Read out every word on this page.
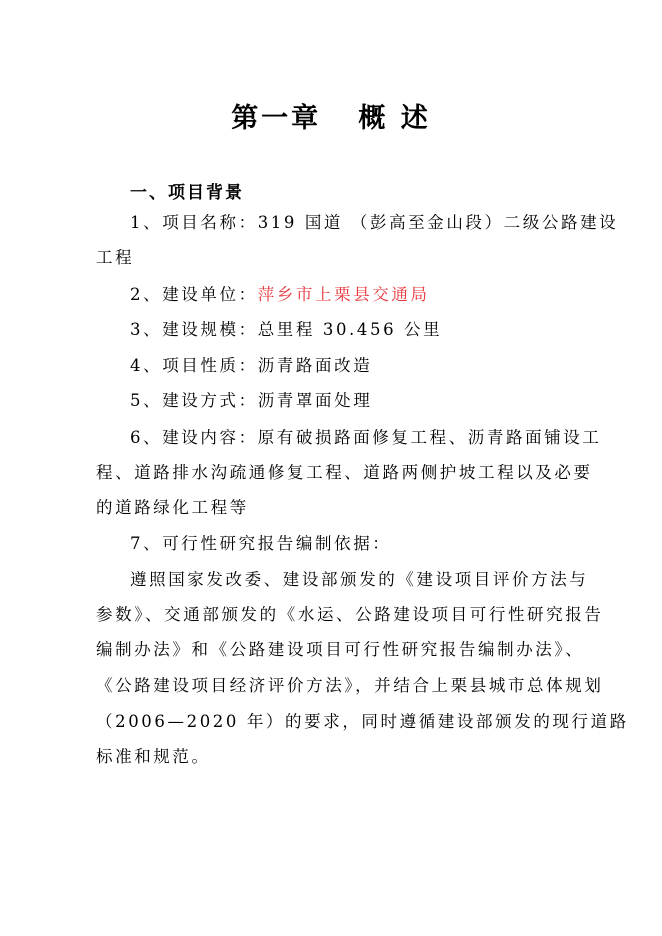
第一章   概 述
一、项目背景
1、项目名称：319 国道 （彭高至金山段）二级公路建设
工程
2、建设单位：萍乡市上栗县交通局
3、建设规模：总里程 30.456 公里
4、项目性质：沥青路面改造
5、建设方式：沥青罩面处理
6、建设内容：原有破损路面修复工程、沥青路面铺设工
程、道路排水沟疏通修复工程、道路两侧护坡工程以及必要
的道路绿化工程等
7、可行性研究报告编制依据：
遵照国家发改委、建设部颁发的《建设项目评价方法与
参数》、交通部颁发的《水运、公路建设项目可行性研究报告
编制办法》和《公路建设项目可行性研究报告编制办法》、
《公路建设项目经济评价方法》，并结合上栗县城市总体规划
（2006—2020 年）的要求，同时遵循建设部颁发的现行道路
标准和规范。
